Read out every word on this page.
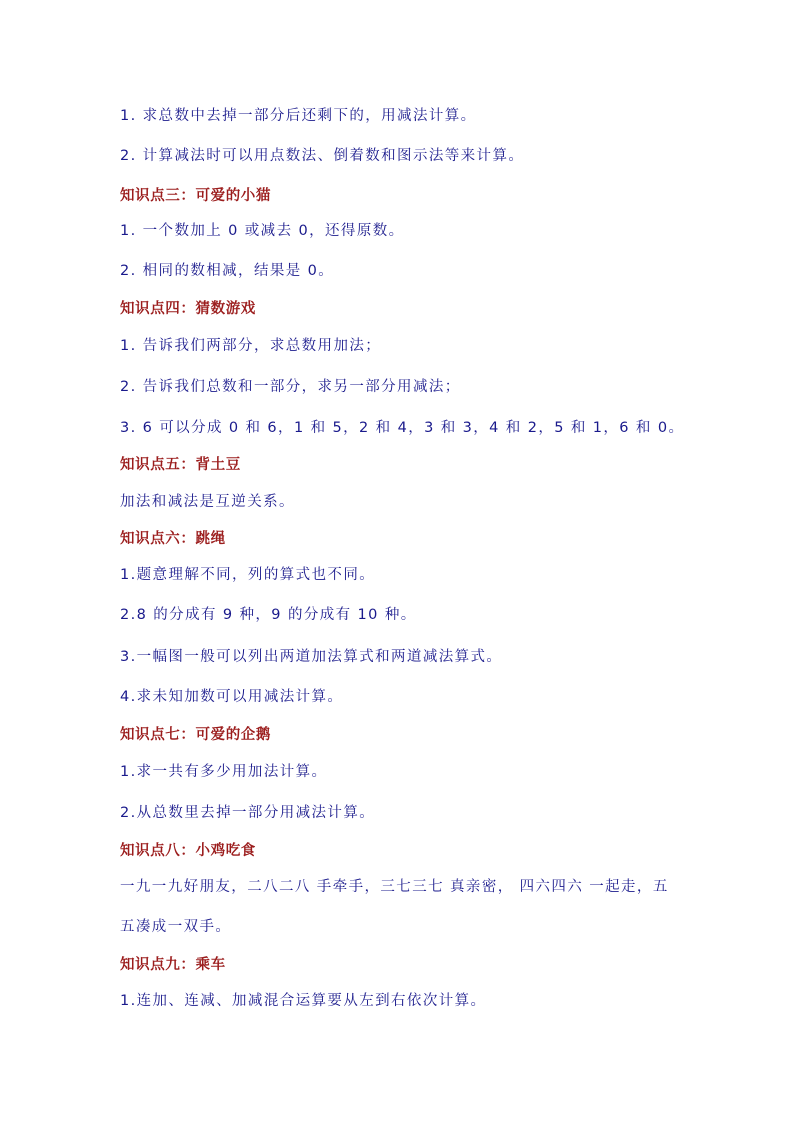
1. 求总数中去掉一部分后还剩下的，用减法计算。
2. 计算减法时可以用点数法、倒着数和图示法等来计算。
知识点三：可爱的小猫
1. 一个数加上 0 或减去 0，还得原数。
2. 相同的数相减，结果是 0。
知识点四：猜数游戏
1. 告诉我们两部分，求总数用加法；
2. 告诉我们总数和一部分，求另一部分用减法；
3. 6 可以分成 0 和 6，1 和 5，2 和 4，3 和 3，4 和 2，5 和 1，6 和 0。
知识点五：背土豆
加法和减法是互逆关系。
知识点六：跳绳
1.题意理解不同，列的算式也不同。
2.8 的分成有 9 种，9 的分成有 10 种。
3.一幅图一般可以列出两道加法算式和两道减法算式。
4.求未知加数可以用减法计算。
知识点七：可爱的企鹅
1.求一共有多少用加法计算。
2.从总数里去掉一部分用减法计算。
知识点八：小鸡吃食
一九一九好朋友，二八二八 手牵手，三七三七 真亲密， 四六四六 一起走，五
五凑成一双手。
知识点九：乘车
1.连加、连减、加减混合运算要从左到右依次计算。
